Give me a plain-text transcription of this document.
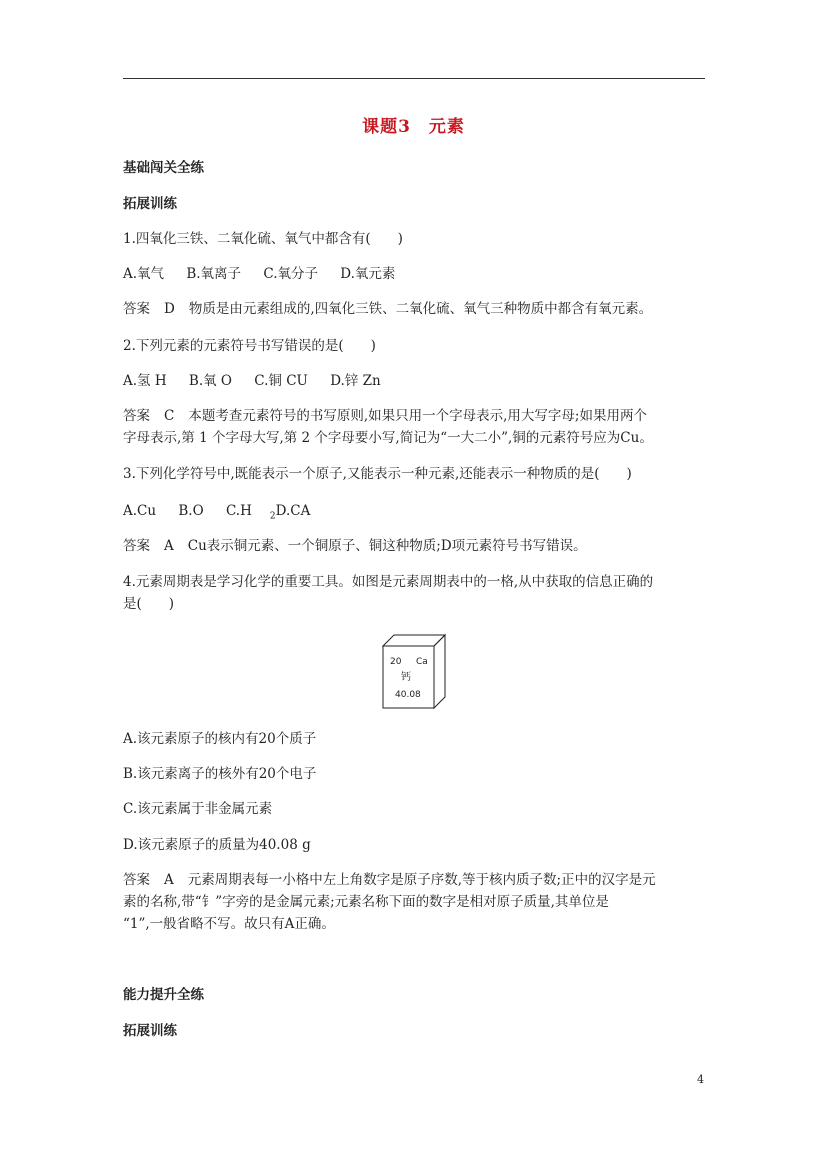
课题3　元素
基础闯关全练
拓展训练
1.四氧化三铁、二氧化硫、氧气中都含有(　　)
A.氧气 B.氧离子 C.氧分子 D.氧元素
答案 D 物质是由元素组成的,四氧化三铁、二氧化硫、氧气三种物质中都含有氧元素。
2.下列元素的元素符号书写错误的是(　　)
A.氢 H B.氧 O C.铜 CU D.锌 Zn
答案 C 本题考查元素符号的书写原则,如果只用一个字母表示,用大写字母;如果用两个
字母表示,第 1 个字母大写,第 2 个字母要小写,简记为“一大二小”,铜的元素符号应为Cu。
3.下列化学符号中,既能表示一个原子,又能表示一种元素,还能表示一种物质的是(　　)
A.Cu B.O C.H $_2$D.CA
答案 A Cu表示铜元素、一个铜原子、铜这种物质;D项元素符号书写错误。
4.元素周期表是学习化学的重要工具。如图是元素周期表中的一格,从中获取的信息正确的
是(　　)
20 Ca
钙
40.08
A.该元素原子的核内有20个质子
B.该元素离子的核外有20个电子
C.该元素属于非金属元素
D.该元素原子的质量为40.08 g
答案 A 元素周期表每一小格中左上角数字是原子序数,等于核内质子数;正中的汉字是元
素的名称,带“钅”字旁的是金属元素;元素名称下面的数字是相对原子质量,其单位是
“1”,一般省略不写。故只有A正确。
能力提升全练
拓展训练
4
